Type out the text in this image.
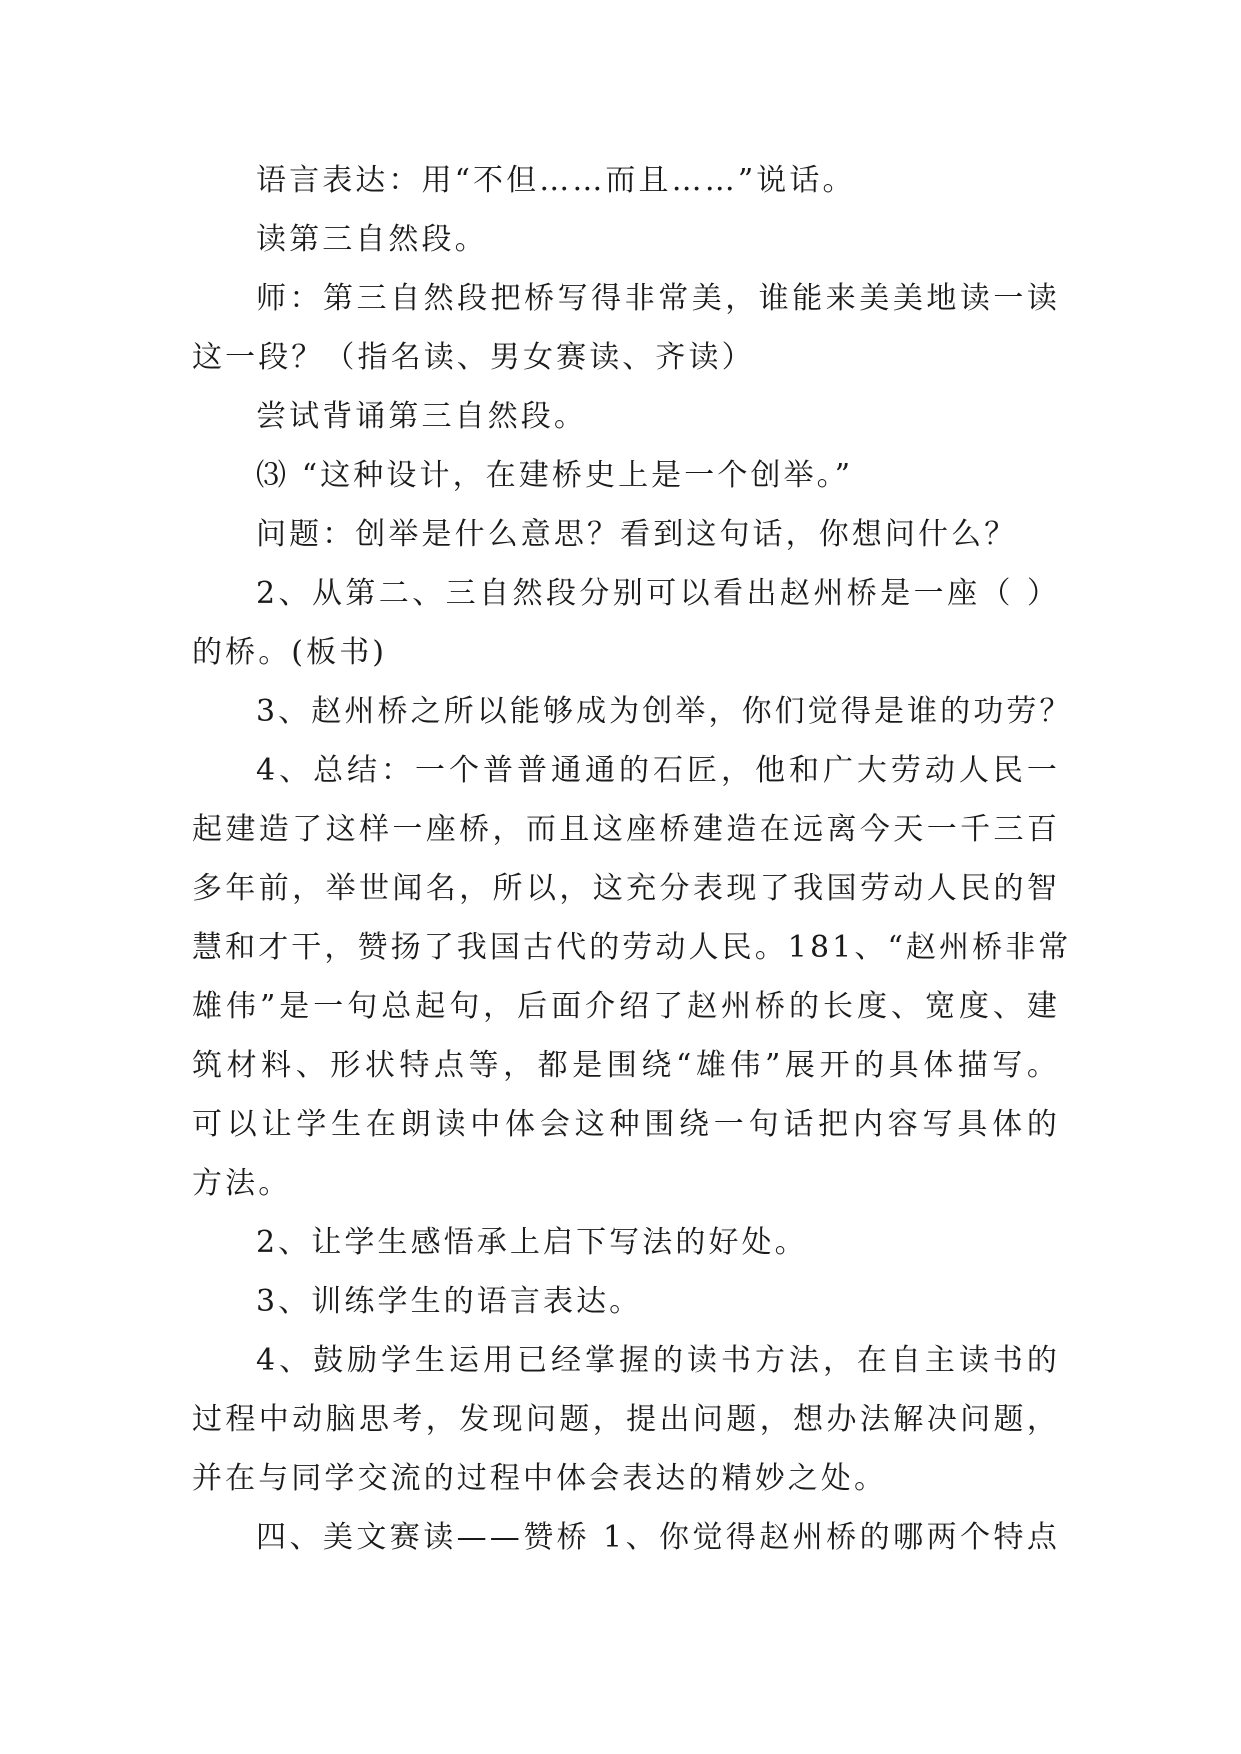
语言表达：用“不但……而且……”说话。
读第三自然段。
师：第三自然段把桥写得非常美，谁能来美美地读一读
这一段？（指名读、男女赛读、齐读）
尝试背诵第三自然段。
⑶ “这种设计，在建桥史上是一个创举。”
问题：创举是什么意思？看到这句话，你想问什么？
2、从第二、三自然段分别可以看出赵州桥是一座（ ）
的桥。(板书)
3、赵州桥之所以能够成为创举，你们觉得是谁的功劳？
4、总结：一个普普通通的石匠，他和广大劳动人民一
起建造了这样一座桥，而且这座桥建造在远离今天一千三百
多年前，举世闻名，所以，这充分表现了我国劳动人民的智
慧和才干，赞扬了我国古代的劳动人民。181、“赵州桥非常
雄伟”是一句总起句，后面介绍了赵州桥的长度、宽度、建
筑材料、形状特点等，都是围绕“雄伟”展开的具体描写。
可以让学生在朗读中体会这种围绕一句话把内容写具体的
方法。
2、让学生感悟承上启下写法的好处。
3、训练学生的语言表达。
4、鼓励学生运用已经掌握的读书方法，在自主读书的
过程中动脑思考，发现问题，提出问题，想办法解决问题，
并在与同学交流的过程中体会表达的精妙之处。
四、美文赛读——赞桥 1、你觉得赵州桥的哪两个特点
